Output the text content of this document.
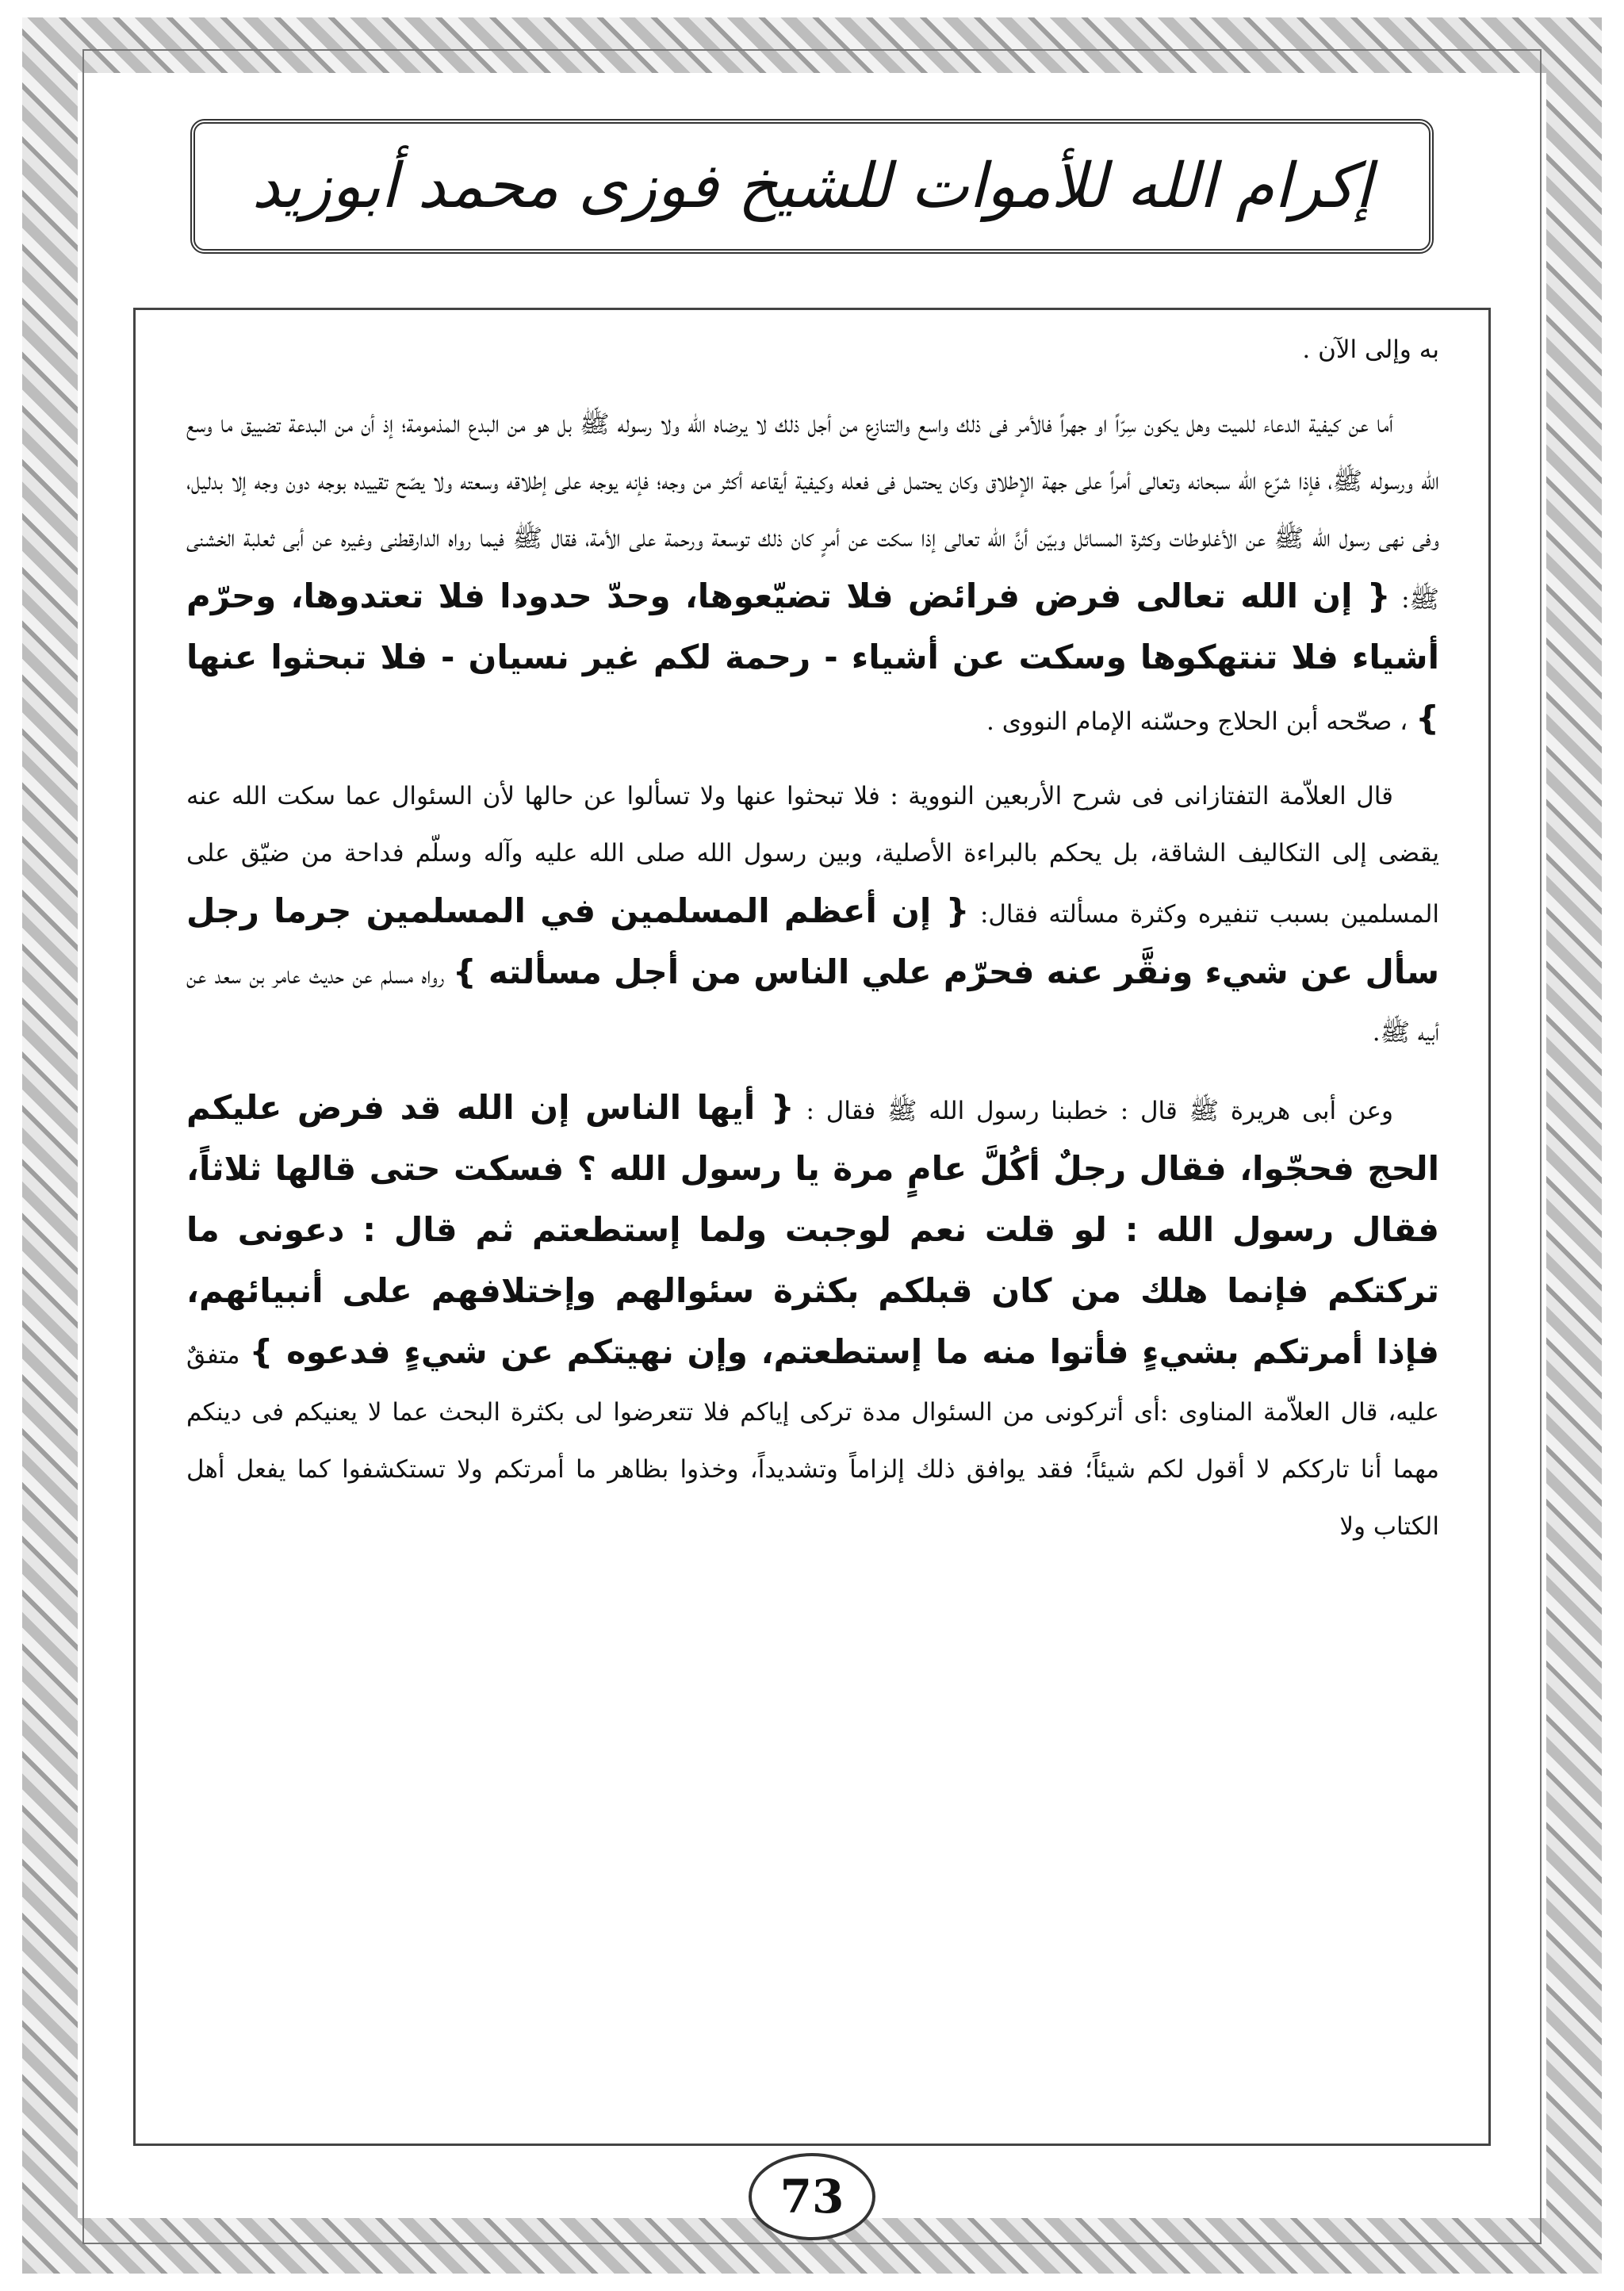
إكرام الله للأموات للشيخ فوزى محمد أبوزيد

به وإلى الآن .

أما عن كيفية الدعاء للميت وهل يكون سِرّاً او جهراً فالأمر فى ذلك واسع والتنازع من أجل ذلك لا يرضاه الله ولا رسوله ﷺ بل هو من البدع المذمومة؛ إذ أن من البدعة تضييق ما وسع الله ورسوله ﷺ، فإذا شرّع الله سبحانه وتعالى أمراً على جهة الإطلاق وكان يحتمل فى فعله وكيفية أيقاعه أكثر من وجه؛ فإنه يوجه على إطلاقه وسعته ولا يصّح تقييده بوجه دون وجه إلا بدليل، وفى نهى رسول الله ﷺ عن الأغلوطات وكثرة المسائل وبيّن أنَّ الله تعالى إذا سكت عن أمرٍ كان ذلك توسعة ورحمة على الأمة، فقال ﷺ فيما رواه الدارقطنى وغيره عن أبى ثعلبة الخشنى ﷺ: { إن الله تعالى فرض فرائض فلا تضيّعوها، وحدّ حدودا فلا تعتدوها، وحرّم أشياء فلا تنتهكوها وسكت عن أشياء - رحمة لكم غير نسيان - فلا تبحثوا عنها } ، صحّحه أبن الحلاج وحسّنه الإمام النووى .

قال العلاّمة التفتازانى فى شرح الأربعين النووية : فلا تبحثوا عنها ولا تسألوا عن حالها لأن السئوال عما سكت الله عنه يقضى إلى التكاليف الشاقة، بل يحكم بالبراءة الأصلية، وبين رسول الله صلى الله عليه وآله وسلّم فداحة من ضيّق على المسلمين بسبب تنفيره وكثرة مسألته فقال: { إن أعظم المسلمين في المسلمين جرما رجل سأل عن شيء ونقَّر عنه فحرّم علي الناس من أجل مسألته } رواه مسلم عن حديث عامر بن سعد عن أبيه ﷺ.

وعن أبى هريرة ﷺ قال : خطبنا رسول الله ﷺ فقال : { أيها الناس إن الله قد فرض عليكم الحج فحجّوا، فقال رجلٌ أكُلَّ عامٍ مرة يا رسول الله ؟ فسكت حتى قالها ثلاثاً، فقال رسول الله : لو قلت نعم لوجبت ولما إستطعتم ثم قال : دعونى ما تركتكم فإنما هلك من كان قبلكم بكثرة سئوالهم وإختلافهم على أنبيائهم، فإذا أمرتكم بشيءٍ فأتوا منه ما إستطعتم، وإن نهيتكم عن شيءٍ فدعوه } متفقٌ عليه، قال العلاّمة المناوى :أى أتركونى من السئوال مدة تركى إياكم فلا تتعرضوا لى بكثرة البحث عما لا يعنيكم فى دينكم مهما أنا تارككم لا أقول لكم شيئاً؛ فقد يوافق ذلك إلزاماً وتشديداً، وخذوا بظاهر ما أمرتكم ولا تستكشفوا كما يفعل أهل الكتاب ولا

73
